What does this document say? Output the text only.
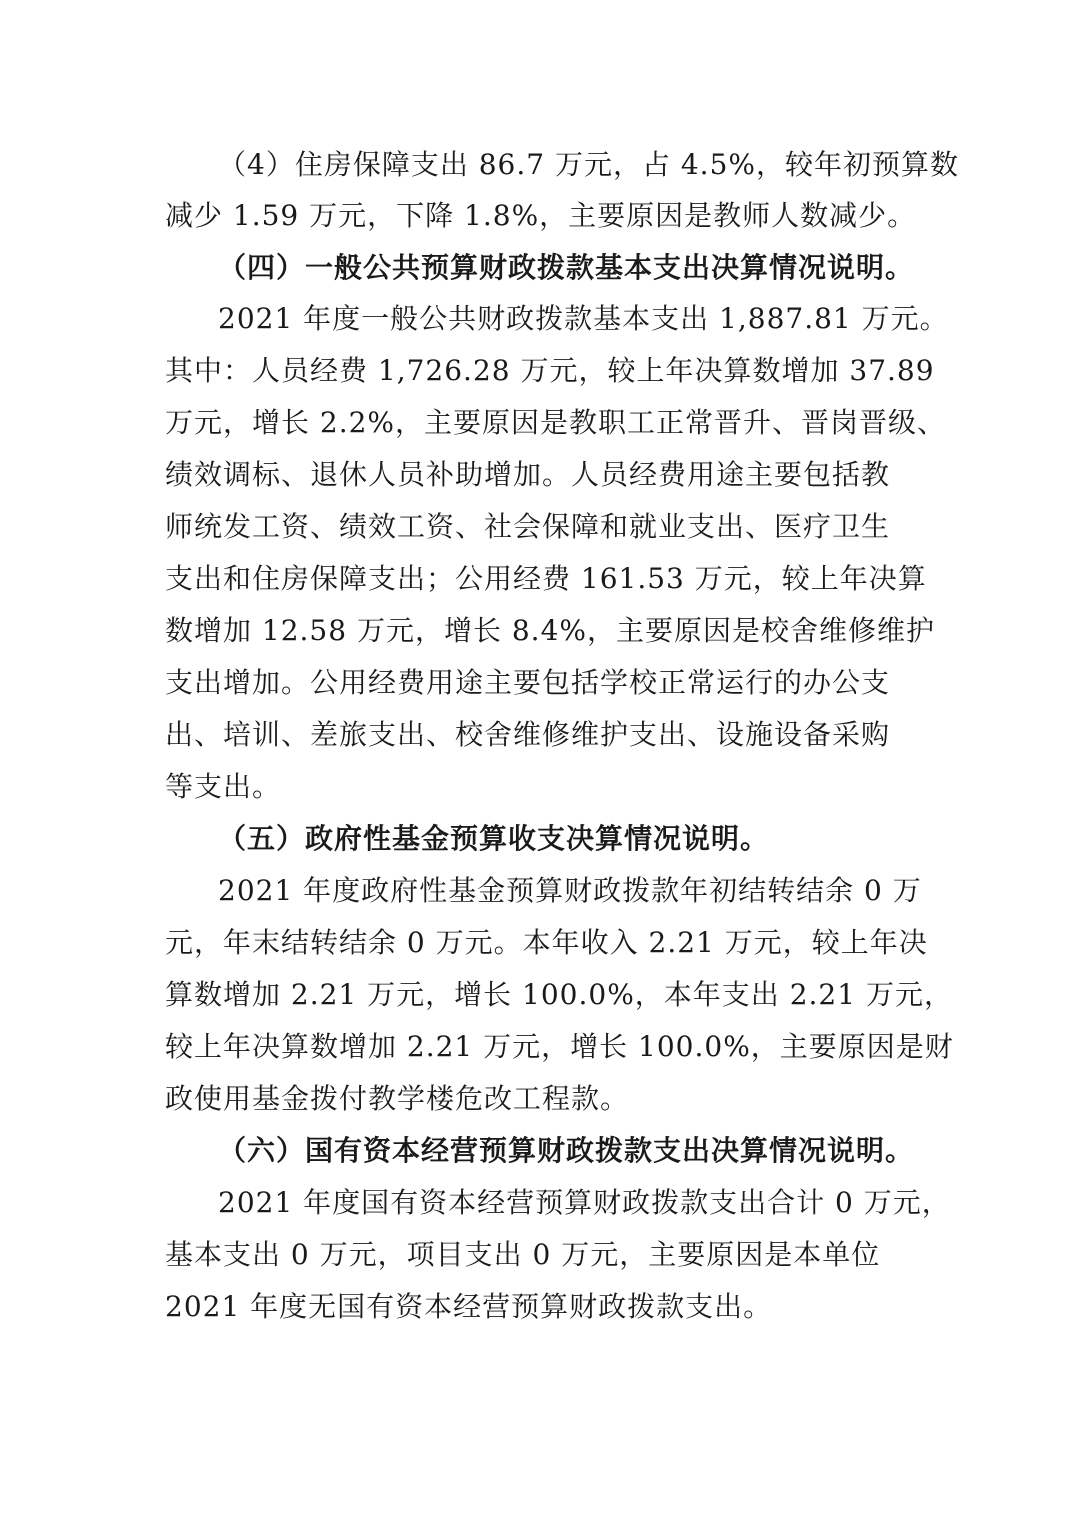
（4）住房保障支出 86.7 万元，占 4.5%，较年初预算数
减少 1.59 万元，下降 1.8%，主要原因是教师人数减少。
（四）一般公共预算财政拨款基本支出决算情况说明。
2021 年度一般公共财政拨款基本支出 1,887.81 万元。
其中：人员经费 1,726.28 万元，较上年决算数增加 37.89
万元，增长 2.2%，主要原因是教职工正常晋升、晋岗晋级、
绩效调标、退休人员补助增加。人员经费用途主要包括教
师统发工资、绩效工资、社会保障和就业支出、医疗卫生
支出和住房保障支出；公用经费 161.53 万元，较上年决算
数增加 12.58 万元，增长 8.4%，主要原因是校舍维修维护
支出增加。公用经费用途主要包括学校正常运行的办公支
出、培训、差旅支出、校舍维修维护支出、设施设备采购
等支出。
（五）政府性基金预算收支决算情况说明。
2021 年度政府性基金预算财政拨款年初结转结余 0 万
元，年末结转结余 0 万元。本年收入 2.21 万元，较上年决
算数增加 2.21 万元，增长 100.0%，本年支出 2.21 万元，
较上年决算数增加 2.21 万元，增长 100.0%，主要原因是财
政使用基金拨付教学楼危改工程款。
（六）国有资本经营预算财政拨款支出决算情况说明。
2021 年度国有资本经营预算财政拨款支出合计 0 万元，
基本支出 0 万元，项目支出 0 万元，主要原因是本单位
2021 年度无国有资本经营预算财政拨款支出。
